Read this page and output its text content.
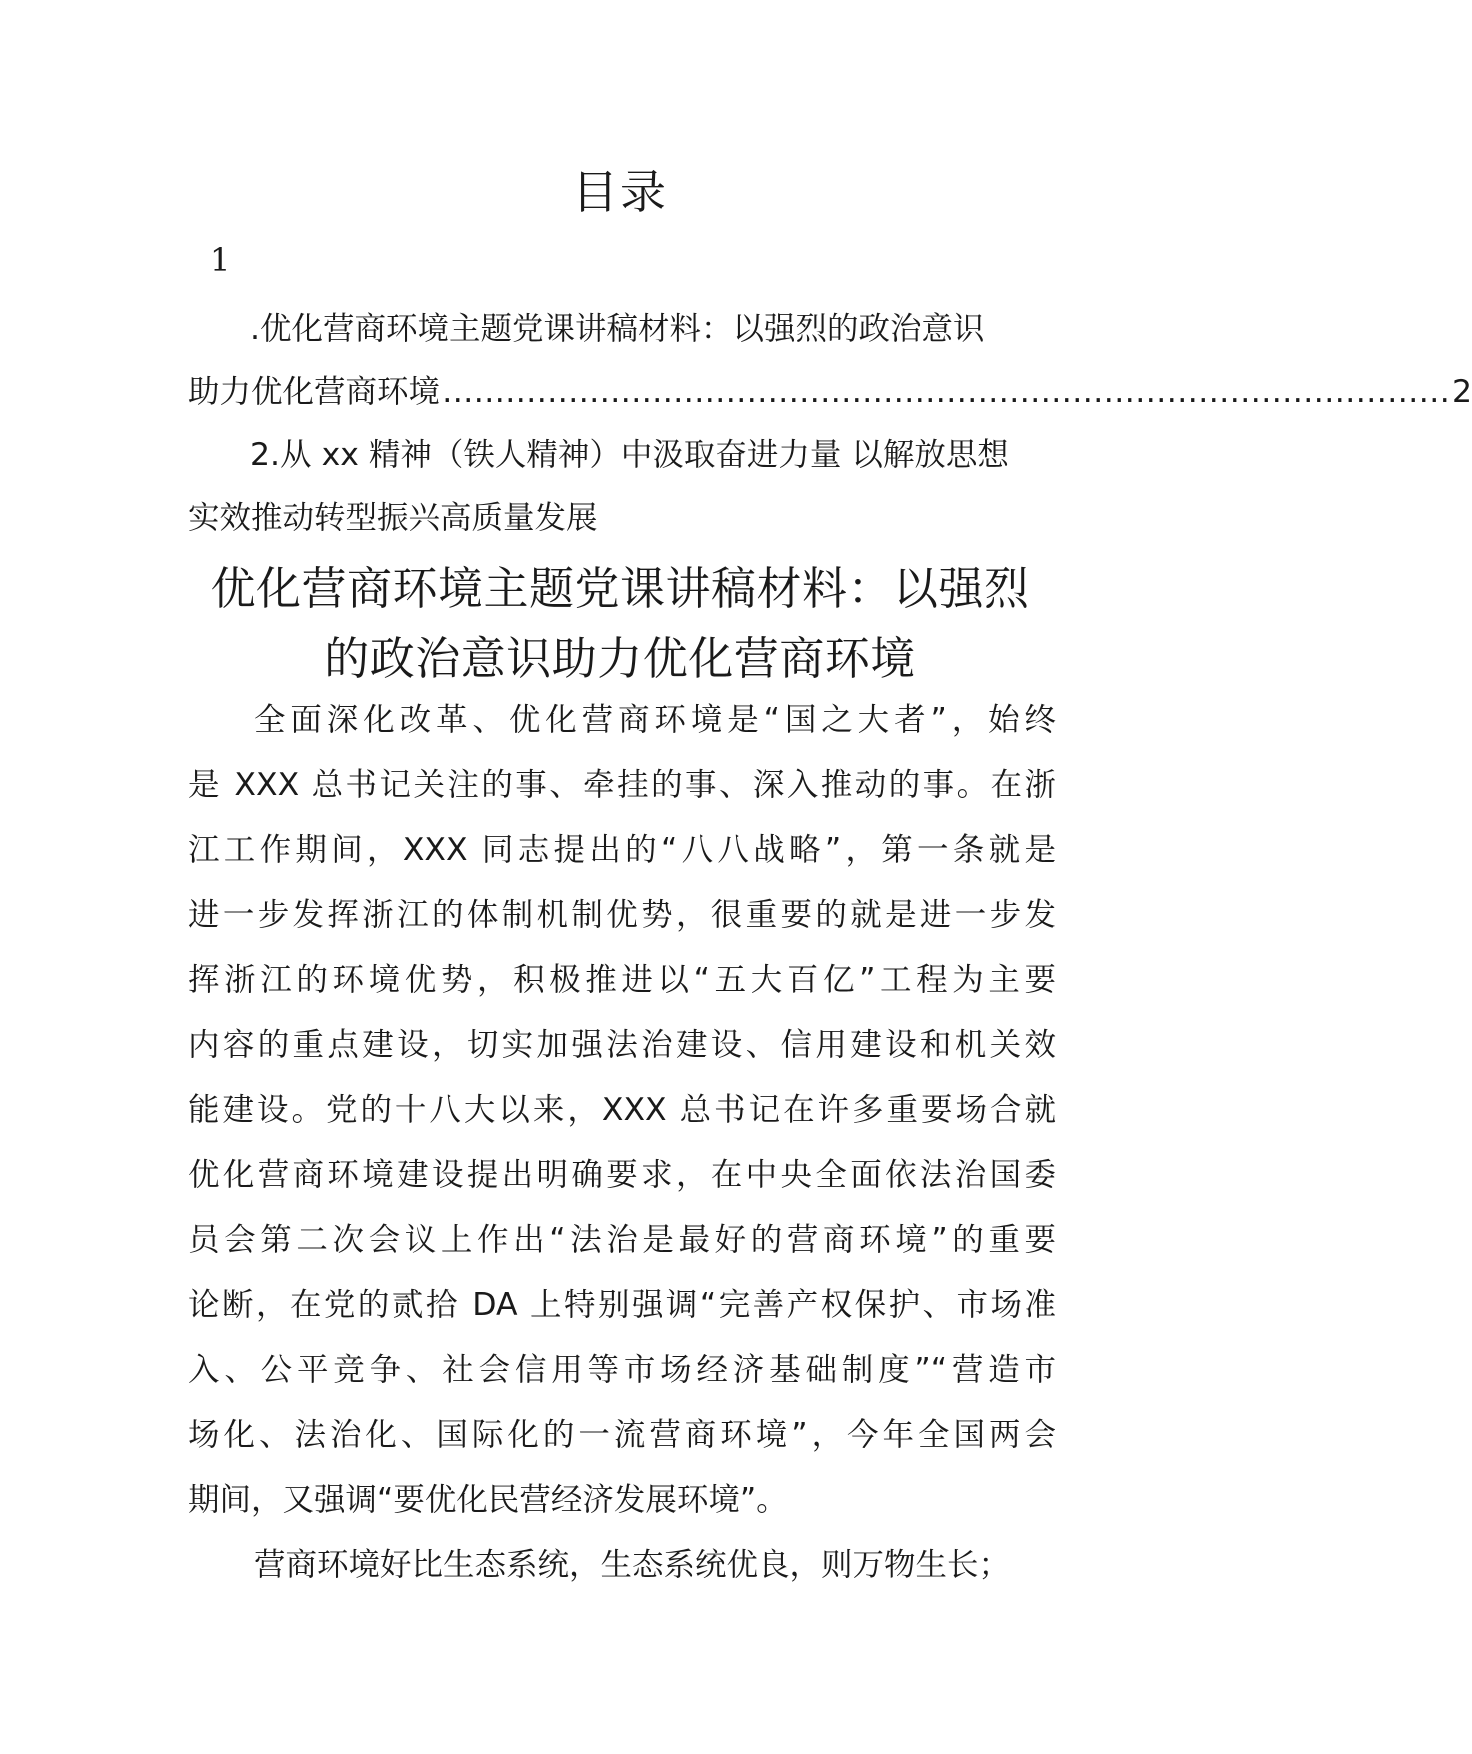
目录
1
.优化营商环境主题党课讲稿材料：以强烈的政治意识
助力优化营商环境 …………………………………………………………………………………… 2
2.从 xx 精神（铁人精神）中汲取奋进力量 以解放思想
实效推动转型振兴高质量发展
优化营商环境主题党课讲稿材料：以强烈
的政治意识助力优化营商环境
全面深化改革、优化营商环境是“国之大者”，始终
是 XXX 总书记关注的事、牵挂的事、深入推动的事。在浙
江工作期间，XXX 同志提出的“八八战略”，第一条就是
进一步发挥浙江的体制机制优势，很重要的就是进一步发
挥浙江的环境优势，积极推进以“五大百亿”工程为主要
内容的重点建设，切实加强法治建设、信用建设和机关效
能建设。党的十八大以来，XXX 总书记在许多重要场合就
优化营商环境建设提出明确要求，在中央全面依法治国委
员会第二次会议上作出“法治是最好的营商环境”的重要
论断，在党的贰拾 DA 上特别强调“完善产权保护、市场准
入、公平竞争、社会信用等市场经济基础制度”“营造市
场化、法治化、国际化的一流营商环境”，今年全国两会
期间，又强调“要优化民营经济发展环境”。
营商环境好比生态系统，生态系统优良，则万物生长；
